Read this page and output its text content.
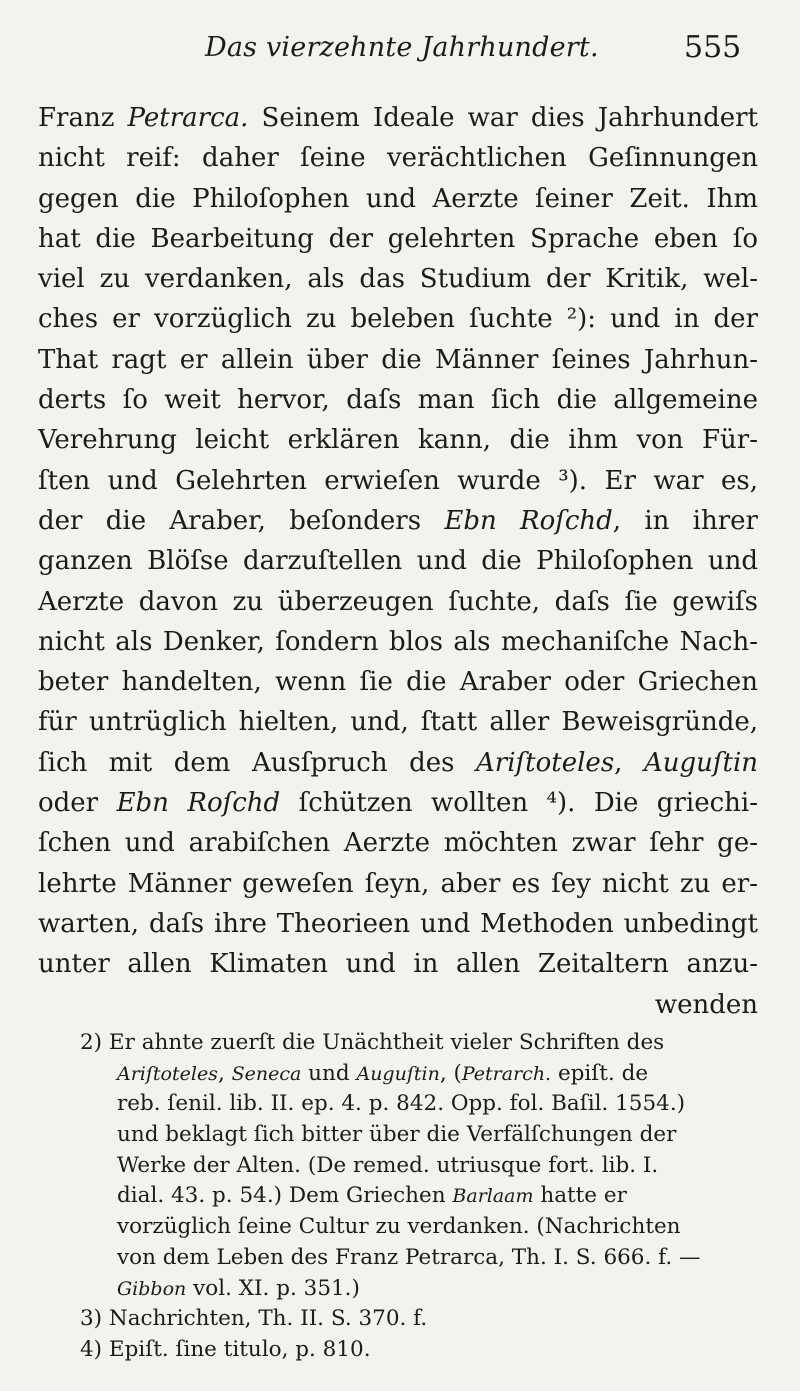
Das vierzehnte Jahrhundert.	555
Franz Petrarca. Seinem Ideale war dies Jahrhundert
nicht reif: daher ſeine verächtlichen Geſinnungen
gegen die Philoſophen und Aerzte ſeiner Zeit. Ihm
hat die Bearbeitung der gelehrten Sprache eben ſo
viel zu verdanken, als das Studium der Kritik, wel-
ches er vorzüglich zu beleben ſuchte ²): und in der
That ragt er allein über die Männer ſeines Jahrhun-
derts ſo weit hervor, daſs man ſich die allgemeine
Verehrung leicht erklären kann, die ihm von Für-
ſten und Gelehrten erwieſen wurde ³). Er war es,
der die Araber, beſonders Ebn Roſchd, in ihrer
ganzen Blöſse darzuſtellen und die Philoſophen und
Aerzte davon zu überzeugen ſuchte, daſs ſie gewiſs
nicht als Denker, ſondern blos als mechaniſche Nach-
beter handelten, wenn ſie die Araber oder Griechen
für untrüglich hielten, und, ſtatt aller Beweisgründe,
ſich mit dem Ausſpruch des Ariſtoteles, Auguſtin
oder Ebn Roſchd ſchützen wollten ⁴). Die griechi-
ſchen und arabiſchen Aerzte möchten zwar ſehr ge-
lehrte Männer geweſen ſeyn, aber es ſey nicht zu er-
warten, daſs ihre Theorieen und Methoden unbedingt
unter allen Klimaten und in allen Zeitaltern anzu-
wenden
2) Er ahnte zuerſt die Unächtheit vieler Schriften des
Ariſtoteles, Seneca und Auguſtin, (Petrarch. epiſt. de
reb. ſenil. lib. II. ep. 4. p. 842. Opp. fol. Baſil. 1554.)
und beklagt ſich bitter über die Verfälſchungen der
Werke der Alten. (De remed. utriusque fort. lib. I.
dial. 43. p. 54.) Dem Griechen Barlaam hatte er
vorzüglich ſeine Cultur zu verdanken. (Nachrichten
von dem Leben des Franz Petrarca, Th. I. S. 666. f. —
Gibbon vol. XI. p. 351.)
3) Nachrichten, Th. II. S. 370. f.
4) Epiſt. ſine titulo, p. 810.
